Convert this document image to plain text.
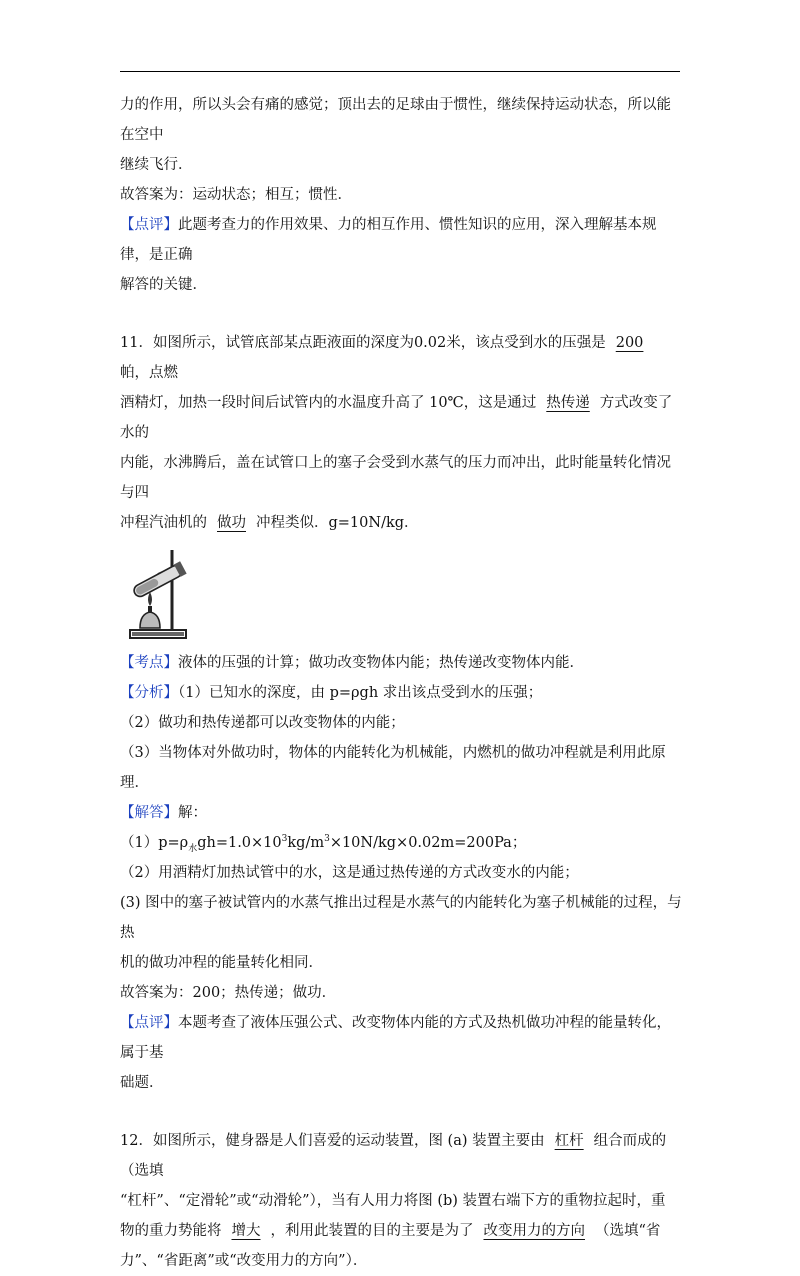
力的作用，所以头会有痛的感觉；顶出去的足球由于惯性，继续保持运动状态，所以能在空中

继续飞行．

故答案为：运动状态；相互；惯性．

【点评】此题考查力的作用效果、力的相互作用、惯性知识的应用，深入理解基本规律，是正确

解答的关键．

11．如图所示，试管底部某点距液面的深度为0.02米，该点受到水的压强是 200帕，点燃

酒精灯，加热一段时间后试管内的水温度升高了 10℃，这是通过 热传递 方式改变了水的

内能，水沸腾后，盖在试管口上的塞子会受到水蒸气的压力而冲出，此时能量转化情况与四

冲程汽油机的 做功 冲程类似．g=10N/kg．

【考点】液体的压强的计算；做功改变物体内能；热传递改变物体内能．

【分析】（1）已知水的深度，由 p=ρgh 求出该点受到水的压强；

（2）做功和热传递都可以改变物体的内能；

（3）当物体对外做功时，物体的内能转化为机械能，内燃机的做功冲程就是利用此原理．

【解答】解：

$(1)p=\rho_水gh=1.0\times 10^3kg/m^3\times 10N/kg\times 0.02m=200Pa$；

（2）用酒精灯加热试管中的水，这是通过热传递的方式改变水的内能；

(3) 图中的塞子被试管内的水蒸气推出过程是水蒸气的内能转化为塞子机械能的过程，与热

机的做功冲程的能量转化相同．

故答案为：200；热传递；做功．

【点评】本题考查了液体压强公式、改变物体内能的方式及热机做功冲程的能量转化，属于基

础题．

12．如图所示，健身器是人们喜爱的运动装置，图 (a) 装置主要由 杠杆 组合而成的（选填

“杠杆”、“定滑轮”或“动滑轮”），当有人用力将图 (b) 装置右端下方的重物拉起时，重

物的重力势能将 增大 ，利用此装置的目的主要是为了 改变用力的方向 （选填“省

力”、“省距离”或“改变用力的方向”）．
